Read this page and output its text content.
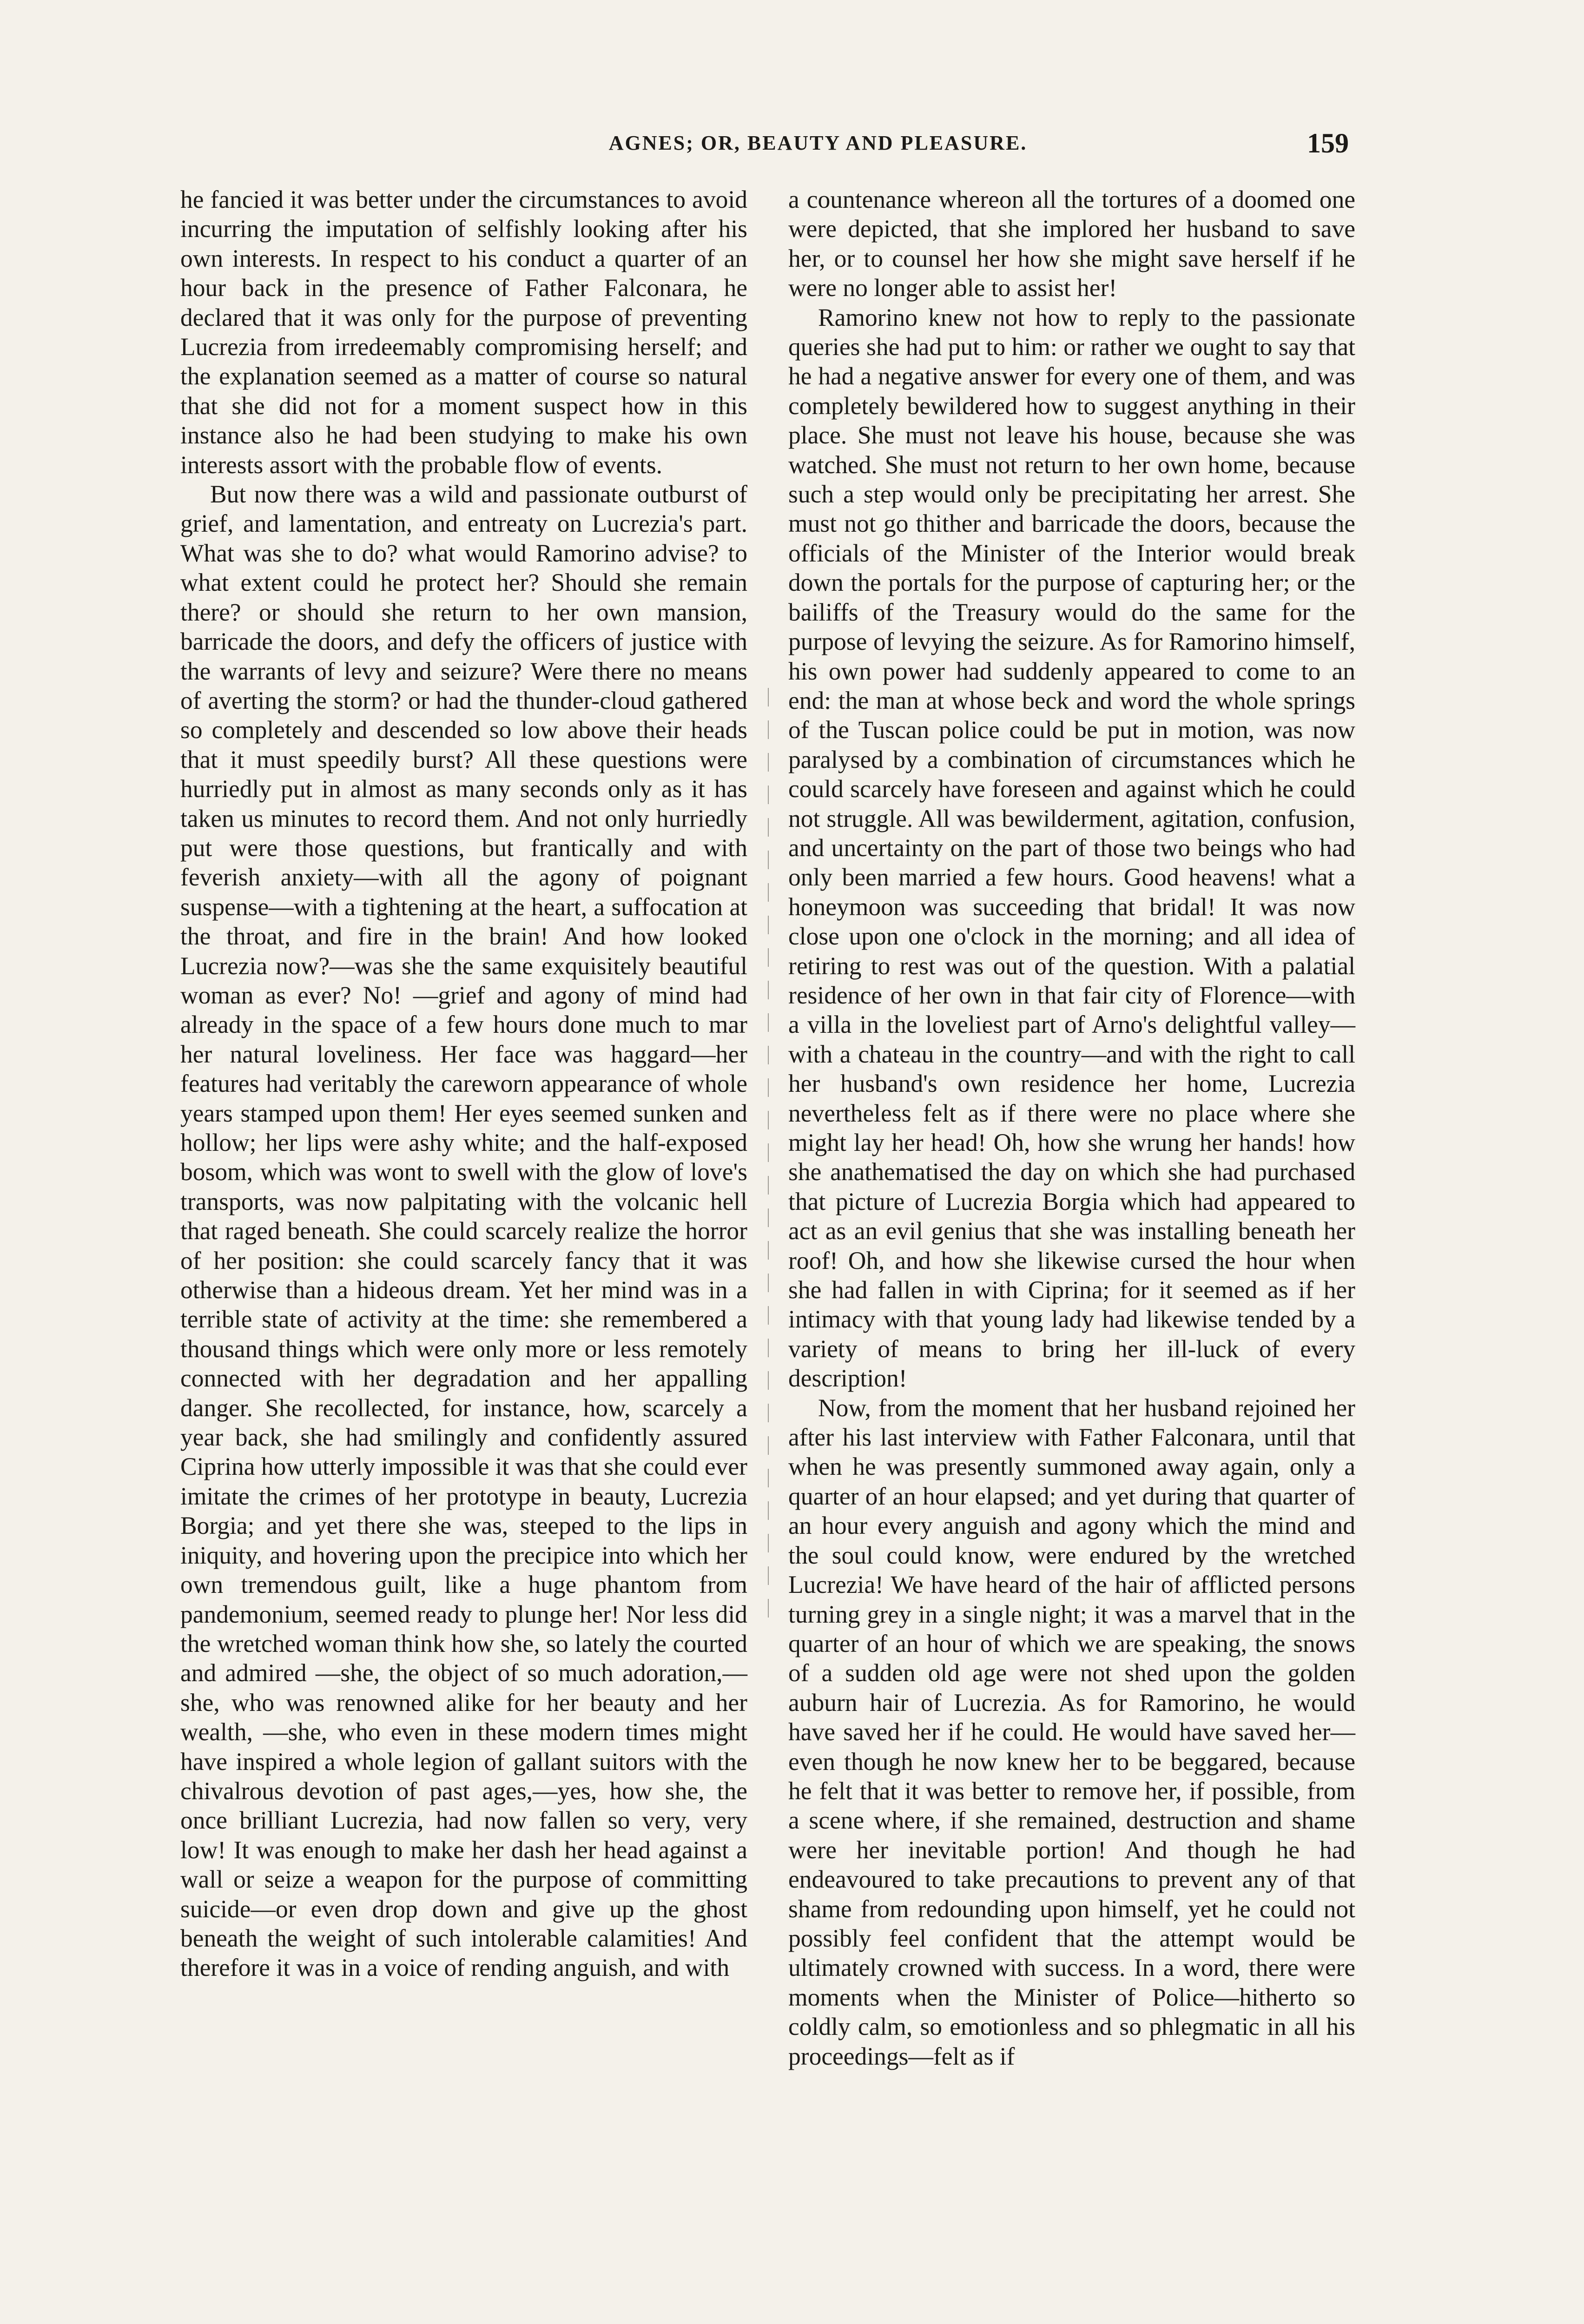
AGNES; OR, BEAUTY AND PLEASURE.	159

he fancied it was better under the circumstances to avoid incurring the imputation of selfishly looking after his own interests. In respect to his conduct a quarter of an hour back in the presence of Father Falconara, he declared that it was only for the purpose of preventing Lucrezia from irredeemably compromising herself; and the explanation seemed as a matter of course so natural that she did not for a moment suspect how in this instance also he had been studying to make his own interests assort with the probable flow of events.

But now there was a wild and passionate outburst of grief, and lamentation, and entreaty on Lucrezia's part. What was she to do? what would Ramorino advise? to what extent could he protect her? Should she remain there? or should she return to her own mansion, barricade the doors, and defy the officers of justice with the warrants of levy and seizure? Were there no means of averting the storm? or had the thunder-cloud gathered so completely and descended so low above their heads that it must speedily burst? All these questions were hurriedly put in almost as many seconds only as it has taken us minutes to record them. And not only hurriedly put were those questions, but frantically and with feverish anxiety—with all the agony of poignant suspense—with a tightening at the heart, a suffocation at the throat, and fire in the brain! And how looked Lucrezia now?—was she the same exquisitely beautiful woman as ever? No! —grief and agony of mind had already in the space of a few hours done much to mar her natural loveliness. Her face was haggard—her features had veritably the careworn appearance of whole years stamped upon them! Her eyes seemed sunken and hollow; her lips were ashy white; and the half-exposed bosom, which was wont to swell with the glow of love's transports, was now palpitating with the volcanic hell that raged beneath. She could scarcely realize the horror of her position: she could scarcely fancy that it was otherwise than a hideous dream. Yet her mind was in a terrible state of activity at the time: she remembered a thousand things which were only more or less remotely connected with her degradation and her appalling danger. She recollected, for instance, how, scarcely a year back, she had smilingly and confidently assured Ciprina how utterly impossible it was that she could ever imitate the crimes of her prototype in beauty, Lucrezia Borgia; and yet there she was, steeped to the lips in iniquity, and hovering upon the precipice into which her own tremendous guilt, like a huge phantom from pandemonium, seemed ready to plunge her! Nor less did the wretched woman think how she, so lately the courted and admired —she, the object of so much adoration,—she, who was renowned alike for her beauty and her wealth, —she, who even in these modern times might have inspired a whole legion of gallant suitors with the chivalrous devotion of past ages,—yes, how she, the once brilliant Lucrezia, had now fallen so very, very low! It was enough to make her dash her head against a wall or seize a weapon for the purpose of committing suicide—or even drop down and give up the ghost beneath the weight of such intolerable calamities! And therefore it was in a voice of rending anguish, and with

a countenance whereon all the tortures of a doomed one were depicted, that she implored her husband to save her, or to counsel her how she might save herself if he were no longer able to assist her!

Ramorino knew not how to reply to the passionate queries she had put to him: or rather we ought to say that he had a negative answer for every one of them, and was completely bewildered how to suggest anything in their place. She must not leave his house, because she was watched. She must not return to her own home, because such a step would only be precipitating her arrest. She must not go thither and barricade the doors, because the officials of the Minister of the Interior would break down the portals for the purpose of capturing her; or the bailiffs of the Treasury would do the same for the purpose of levying the seizure. As for Ramorino himself, his own power had suddenly appeared to come to an end: the man at whose beck and word the whole springs of the Tuscan police could be put in motion, was now paralysed by a combination of circumstances which he could scarcely have foreseen and against which he could not struggle. All was bewilderment, agitation, confusion, and uncertainty on the part of those two beings who had only been married a few hours. Good heavens! what a honeymoon was succeeding that bridal! It was now close upon one o'clock in the morning; and all idea of retiring to rest was out of the question. With a palatial residence of her own in that fair city of Florence—with a villa in the loveliest part of Arno's delightful valley—with a chateau in the country—and with the right to call her husband's own residence her home, Lucrezia nevertheless felt as if there were no place where she might lay her head! Oh, how she wrung her hands! how she anathematised the day on which she had purchased that picture of Lucrezia Borgia which had appeared to act as an evil genius that she was installing beneath her roof! Oh, and how she likewise cursed the hour when she had fallen in with Ciprina; for it seemed as if her intimacy with that young lady had likewise tended by a variety of means to bring her ill-luck of every description!

Now, from the moment that her husband rejoined her after his last interview with Father Falconara, until that when he was presently summoned away again, only a quarter of an hour elapsed; and yet during that quarter of an hour every anguish and agony which the mind and the soul could know, were endured by the wretched Lucrezia! We have heard of the hair of afflicted persons turning grey in a single night; it was a marvel that in the quarter of an hour of which we are speaking, the snows of a sudden old age were not shed upon the golden auburn hair of Lucrezia. As for Ramorino, he would have saved her if he could. He would have saved her—even though he now knew her to be beggared, because he felt that it was better to remove her, if possible, from a scene where, if she remained, destruction and shame were her inevitable portion! And though he had endeavoured to take precautions to prevent any of that shame from redounding upon himself, yet he could not possibly feel confident that the attempt would be ultimately crowned with success. In a word, there were moments when the Minister of Police—hitherto so coldly calm, so emotionless and so phlegmatic in all his proceedings—felt as if
